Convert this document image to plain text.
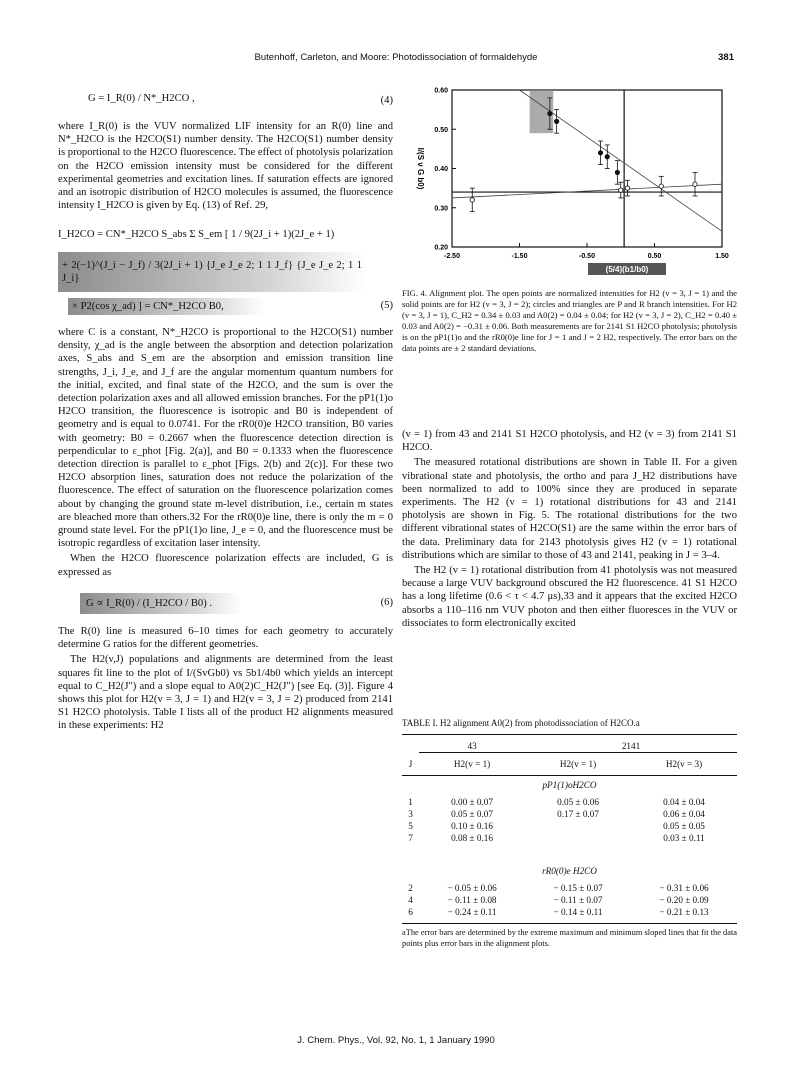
Butenhoff, Carleton, and Moore: Photodissociation of formaldehyde	381
G = I_R(0) / N*_H2CO ,	(4)

where I_R(0) is the VUV normalized LIF intensity for an R(0) line and N*_H2CO is the H2CO(S1) number density. The H2CO(S1) number density is proportional to the H2CO fluorescence. The effect of photolysis polarization on the H2CO emission intensity must be considered for the different experimental geometries and excitation lines. If saturation effects are ignored and an isotropic distribution of H2CO molecules is assumed, the fluorescence intensity I_H2CO is given by Eq. (13) of Ref. 29,

I_H2CO = CN*_H2CO S_abs Σ S_em [ 1 / 9(2J_i + 1)(2J_e + 1)
+ 2(−1)^(J_i − J_f) / 3(2J_i + 1) {J_e J_e 2; 1 1 J_f} {J_e J_e 2; 1 1 J_i}
× P2(cos χ_ad) ] = CN*_H2CO B0,	(5)

where C is a constant, N*_H2CO is proportional to the H2CO(S1) number density, χ_ad is the angle between the absorption and detection polarization axes, S_abs and S_em are the absorption and emission transition line strengths, J_i, J_e, and J_f are the angular momentum quantum numbers for the initial, excited, and final state of the H2CO, and the sum is over the detection polarization axes and all allowed emission branches. For the pP1(1)o H2CO transition, the fluorescence is isotropic and B0 is independent of geometry and is equal to 0.0741. For the rR0(0)e H2CO transition, B0 varies with geometry: B0 = 0.2667 when the fluorescence detection direction is perpendicular to ε_phot [Fig. 2(a)], and B0 = 0.1333 when the fluorescence detection direction is parallel to ε_phot [Figs. 2(b) and 2(c)]. For these two H2CO absorption lines, saturation does not reduce the polarization of the fluorescence. The effect of saturation on the fluorescence polarization comes about by changing the ground state m-level distribution, i.e., certain m states are bleached more than others.32 For the rR0(0)e line, there is only the m = 0 ground state level. For the pP1(1)o line, J_e = 0, and the fluorescence must be isotropic regardless of excitation laser intensity.

When the H2CO fluorescence polarization effects are included, G is expressed as

G ∝ I_R(0) / (I_H2CO / B0) .	(6)

The R(0) line is measured 6–10 times for each geometry to accurately determine G ratios for the different geometries.

The H2(v,J) populations and alignments are determined from the least squares fit line to the plot of I/(SvGb0) vs 5b1/4b0 which yields an intercept equal to C_H2(J") and a slope equal to A0(2)C_H2(J") [see Eq. (3)]. Figure 4 shows this plot for H2(v = 3, J = 1) and H2(v = 3, J = 2) produced from 2141 S1 H2CO photolysis. Table I lists all of the product H2 alignments measured in these experiments: H2

-2.50	-1.50	-0.50	0.50	1.50
0.20
0.30
0.40
0.50
0.60
I/(S ν G b0)
(5/4)(b1/b0)
FIG. 4. Alignment plot. The open points are normalized intensities for H2 (v = 3, J = 1) and the solid points are for H2 (v = 3, J = 2); circles and triangles are P and R branch intensities. For H2 (v = 3, J = 1), C_H2 = 0.34 ± 0.03 and A0(2) = 0.04 ± 0.04; for H2 (v = 3, J = 2), C_H2 = 0.40 ± 0.03 and A0(2) = −0.31 ± 0.06. Both measurements are for 2141 S1 H2CO photolysis; photolysis is on the pP1(1)o and the rR0(0)e line for J = 1 and J = 2 H2, respectively. The error bars on the data points are ± 2 standard deviations.

(v = 1) from 43 and 2141 S1 H2CO photolysis, and H2 (v = 3) from 2141 S1 H2CO.

The measured rotational distributions are shown in Table II. For a given vibrational state and photolysis, the ortho and para J_H2 distributions have been normalized to add to 100% since they are produced in separate experiments. The H2 (v = 1) rotational distributions for 43 and 2141 photolysis are shown in Fig. 5. The rotational distributions for the two different vibrational states of H2CO(S1) are the same within the error bars of the data. Preliminary data for 2143 photolysis gives H2 (v = 1) rotational distributions which are similar to those of 43 and 2141, peaking in J = 3–4.

The H2 (v = 1) rotational distribution from 41 photolysis was not measured because a large VUV background obscured the H2 fluorescence. 41 S1 H2CO has a long lifetime (0.6 < τ < 4.7 μs),33 and it appears that the excited H2CO absorbs a 110–116 nm VUV photon and then either fluoresces in the VUV or dissociates to form electronically excited

TABLE I. H2 alignment A0(2) from photodissociation of H2CO.a
	43	2141	
J	H2(v = 1)	H2(v = 1)	H2(v = 3)
pP1(1)oH2CO			
1	0.00 ± 0.07	0.05 ± 0.06	0.04 ± 0.04
3	0.05 ± 0.07	0.17 ± 0.07	0.06 ± 0.04
5	0.10 ± 0.16		0.05 ± 0.05
7	0.08 ± 0.16		0.03 ± 0.11
rR0(0)e H2CO			
2	− 0.05 ± 0.06	− 0.15 ± 0.07	− 0.31 ± 0.06
4	− 0.11 ± 0.08	− 0.11 ± 0.07	− 0.20 ± 0.09
6	− 0.24 ± 0.11	− 0.14 ± 0.11	− 0.21 ± 0.13

aThe error bars are determined by the extreme maximum and minimum sloped lines that fit the data points plus error bars in the alignment plots.
J. Chem. Phys., Vol. 92, No. 1, 1 January 1990
